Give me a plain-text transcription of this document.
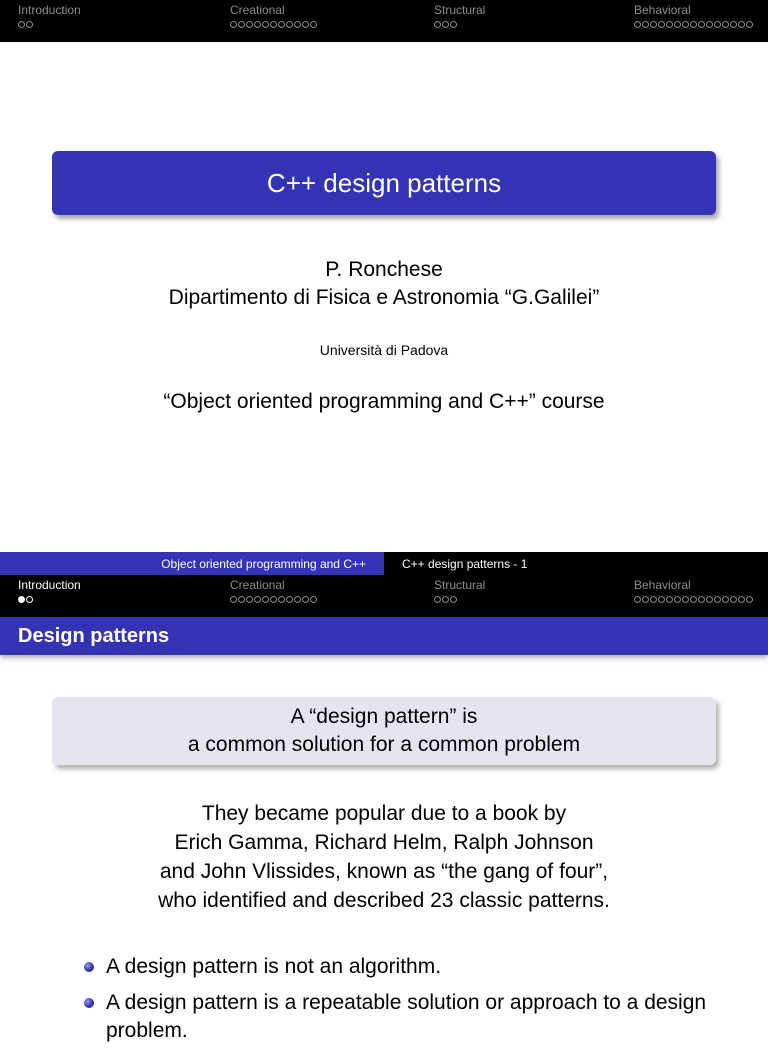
Introduction	Creational	Structural	Behavioral
C++ design patterns
P. Ronchese
Dipartimento di Fisica e Astronomia “G.Galilei”
Università di Padova
“Object oriented programming and C++” course
Object oriented programming and C++	C++ design patterns - 1
Introduction	Creational	Structural	Behavioral
Design patterns
A “design pattern” is
a common solution for a common problem
They became popular due to a book by
Erich Gamma, Richard Helm, Ralph Johnson
and John Vlissides, known as “the gang of four”,
who identified and described 23 classic patterns.
A design pattern is not an algorithm.
A design pattern is a repeatable solution or approach to a design problem.
